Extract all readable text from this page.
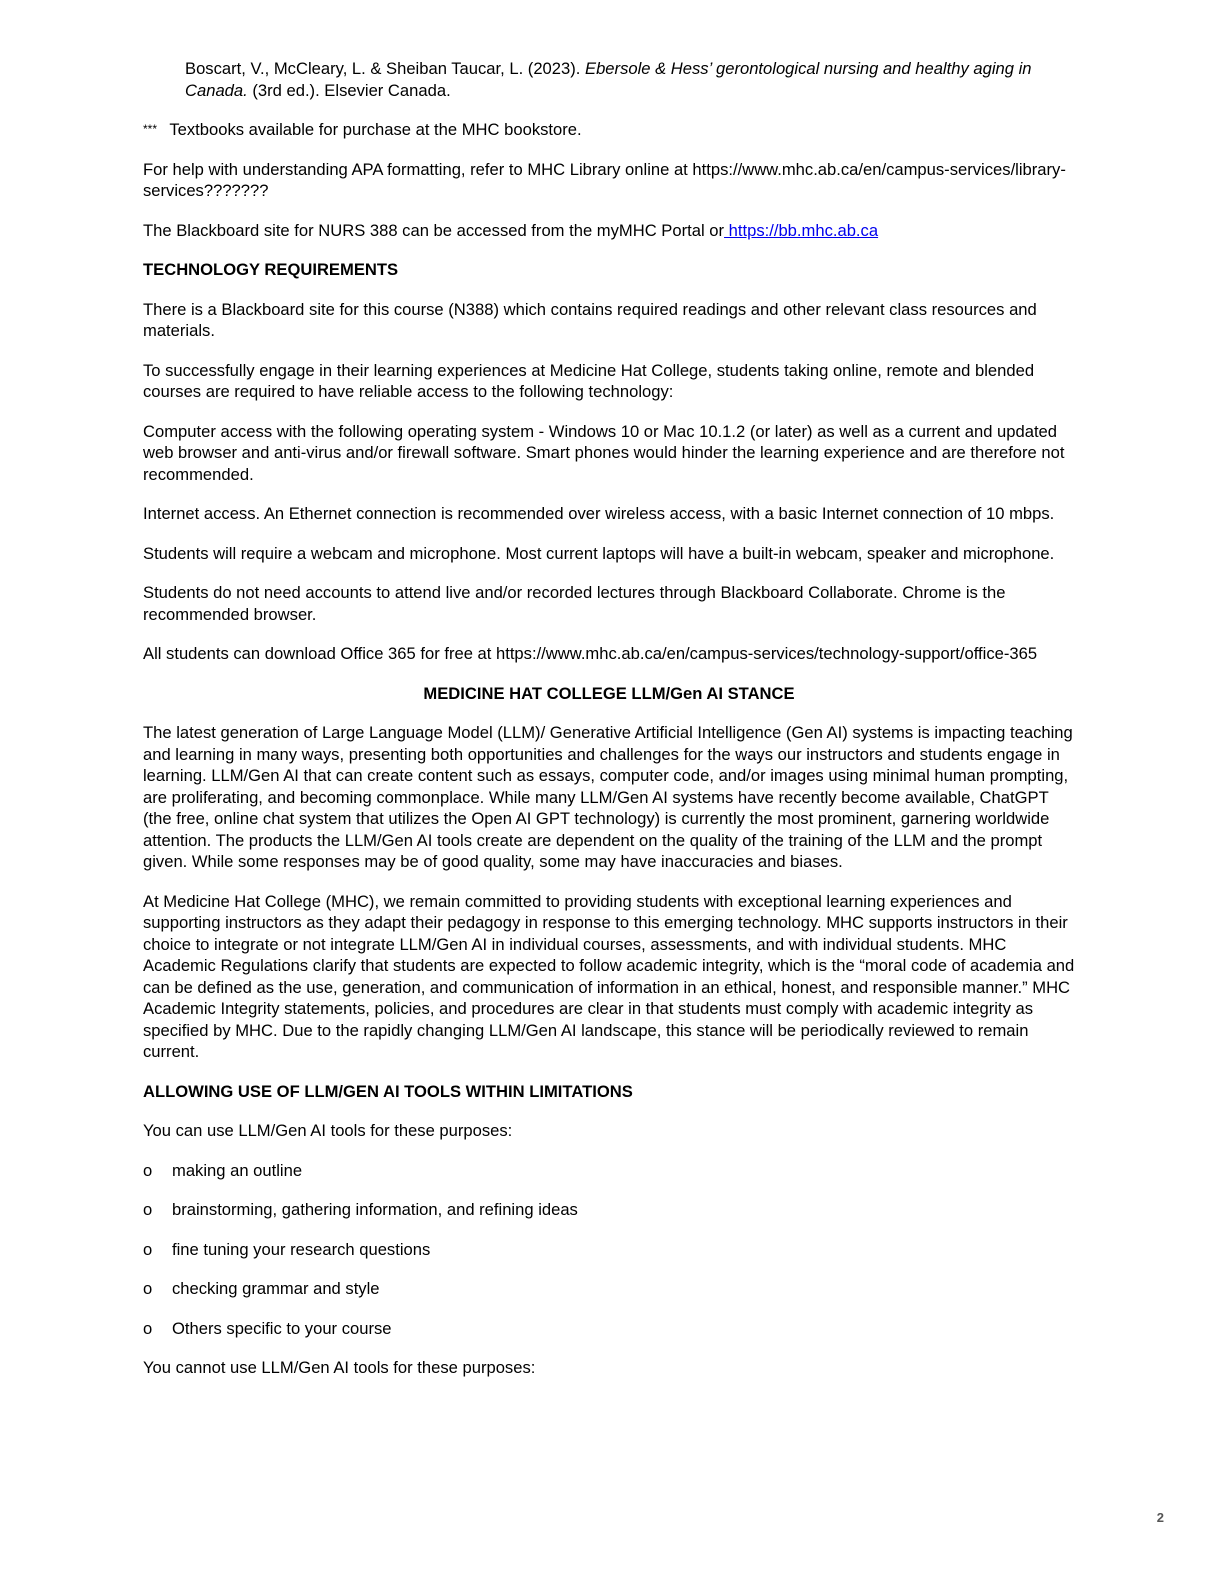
Boscart, V., McCleary, L. & Sheiban Taucar, L. (2023). Ebersole & Hess’ gerontological nursing and healthy aging in Canada. (3rd ed.). Elsevier Canada.

*** Textbooks available for purchase at the MHC bookstore.

For help with understanding APA formatting, refer to MHC Library online at https://www.mhc.ab.ca/en/campus-services/library-services???????

The Blackboard site for NURS 388 can be accessed from the myMHC Portal or https://bb.mhc.ab.ca

TECHNOLOGY REQUIREMENTS

There is a Blackboard site for this course (N388) which contains required readings and other relevant class resources and materials.

To successfully engage in their learning experiences at Medicine Hat College, students taking online, remote and blended courses are required to have reliable access to the following technology:

Computer access with the following operating system - Windows 10 or Mac 10.1.2 (or later) as well as a current and updated web browser and anti-virus and/or firewall software. Smart phones would hinder the learning experience and are therefore not recommended.

Internet access. An Ethernet connection is recommended over wireless access, with a basic Internet connection of 10 mbps.

Students will require a webcam and microphone. Most current laptops will have a built-in webcam, speaker and microphone.

Students do not need accounts to attend live and/or recorded lectures through Blackboard Collaborate. Chrome is the recommended browser.

All students can download Office 365 for free at https://www.mhc.ab.ca/en/campus-services/technology-support/office-365

MEDICINE HAT COLLEGE LLM/Gen AI STANCE

The latest generation of Large Language Model (LLM)/ Generative Artificial Intelligence (Gen AI) systems is impacting teaching and learning in many ways, presenting both opportunities and challenges for the ways our instructors and students engage in learning. LLM/Gen AI that can create content such as essays, computer code, and/or images using minimal human prompting, are proliferating, and becoming commonplace. While many LLM/Gen AI systems have recently become available, ChatGPT (the free, online chat system that utilizes the Open AI GPT technology) is currently the most prominent, garnering worldwide attention. The products the LLM/Gen AI tools create are dependent on the quality of the training of the LLM and the prompt given. While some responses may be of good quality, some may have inaccuracies and biases.

At Medicine Hat College (MHC), we remain committed to providing students with exceptional learning experiences and supporting instructors as they adapt their pedagogy in response to this emerging technology. MHC supports instructors in their choice to integrate or not integrate LLM/Gen AI in individual courses, assessments, and with individual students. MHC Academic Regulations clarify that students are expected to follow academic integrity, which is the “moral code of academia and can be defined as the use, generation, and communication of information in an ethical, honest, and responsible manner.” MHC Academic Integrity statements, policies, and procedures are clear in that students must comply with academic integrity as specified by MHC. Due to the rapidly changing LLM/Gen AI landscape, this stance will be periodically reviewed to remain current.

ALLOWING USE OF LLM/GEN AI TOOLS WITHIN LIMITATIONS

You can use LLM/Gen AI tools for these purposes:

o	making an outline
o	brainstorming, gathering information, and refining ideas
o	fine tuning your research questions
o	checking grammar and style
o	Others specific to your course

You cannot use LLM/Gen AI tools for these purposes:

2
